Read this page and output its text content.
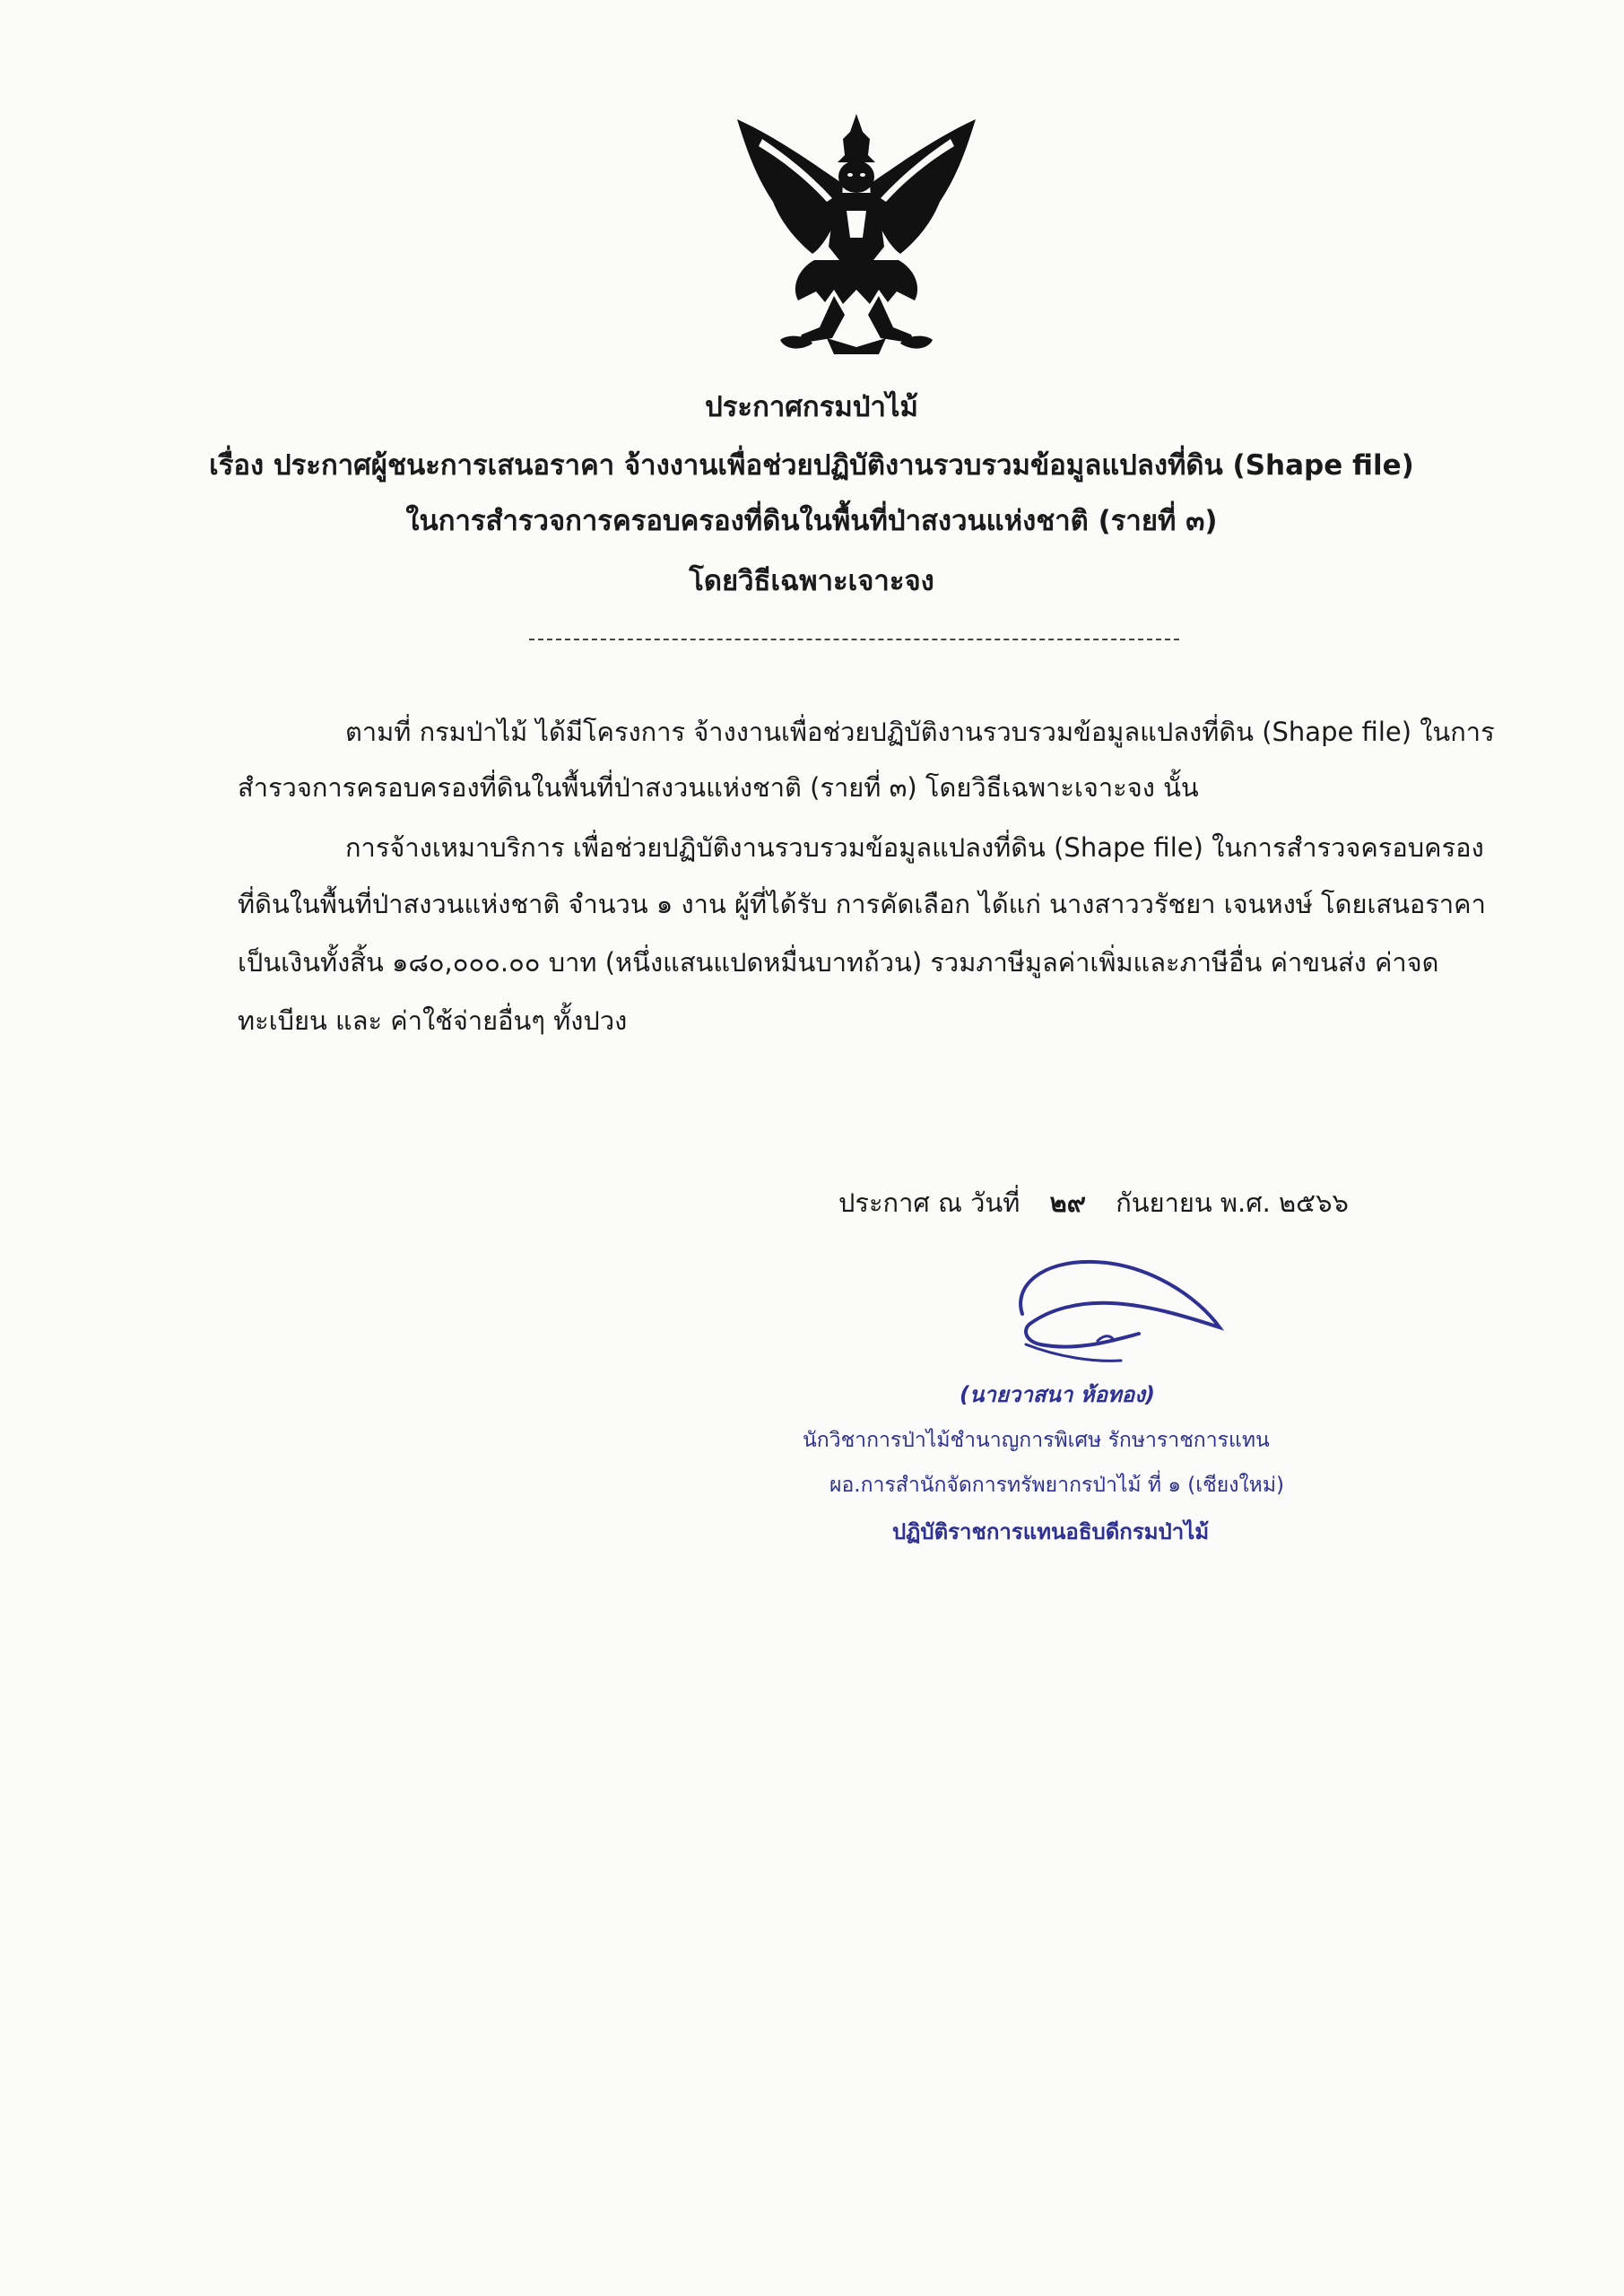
ประกาศกรมป่าไม้
เรื่อง ประกาศผู้ชนะการเสนอราคา จ้างงานเพื่อช่วยปฏิบัติงานรวบรวมข้อมูลแปลงที่ดิน (Shape file)
ในการสำรวจการครอบครองที่ดินในพื้นที่ป่าสงวนแห่งชาติ (รายที่ ๓)
โดยวิธีเฉพาะเจาะจง
ตามที่ กรมป่าไม้ ได้มีโครงการ จ้างงานเพื่อช่วยปฏิบัติงานรวบรวมข้อมูลแปลงที่ดิน (Shape file) ในการ
สำรวจการครอบครองที่ดินในพื้นที่ป่าสงวนแห่งชาติ (รายที่ ๓) โดยวิธีเฉพาะเจาะจง นั้น
การจ้างเหมาบริการ เพื่อช่วยปฏิบัติงานรวบรวมข้อมูลแปลงที่ดิน (Shape file) ในการสำรวจครอบครอง
ที่ดินในพื้นที่ป่าสงวนแห่งชาติ จำนวน ๑ งาน ผู้ที่ได้รับ การคัดเลือก ได้แก่ นางสาววรัชยา เจนหงษ์ โดยเสนอราคา
เป็นเงินทั้งสิ้น ๑๘๐,๐๐๐.๐๐ บาท (หนึ่งแสนแปดหมื่นบาทถ้วน) รวมภาษีมูลค่าเพิ่มและภาษีอื่น ค่าขนส่ง ค่าจด
ทะเบียน และ ค่าใช้จ่ายอื่นๆ ทั้งปวง
ประกาศ ณ วันที่ ๒๙ กันยายน พ.ศ. ๒๕๖๖
(นายวาสนา ห้อทอง)
นักวิชาการป่าไม้ชำนาญการพิเศษ รักษาราชการแทน
ผอ.การสำนักจัดการทรัพยากรป่าไม้ ที่ ๑ (เชียงใหม่)
ปฏิบัติราชการแทนอธิบดีกรมป่าไม้
